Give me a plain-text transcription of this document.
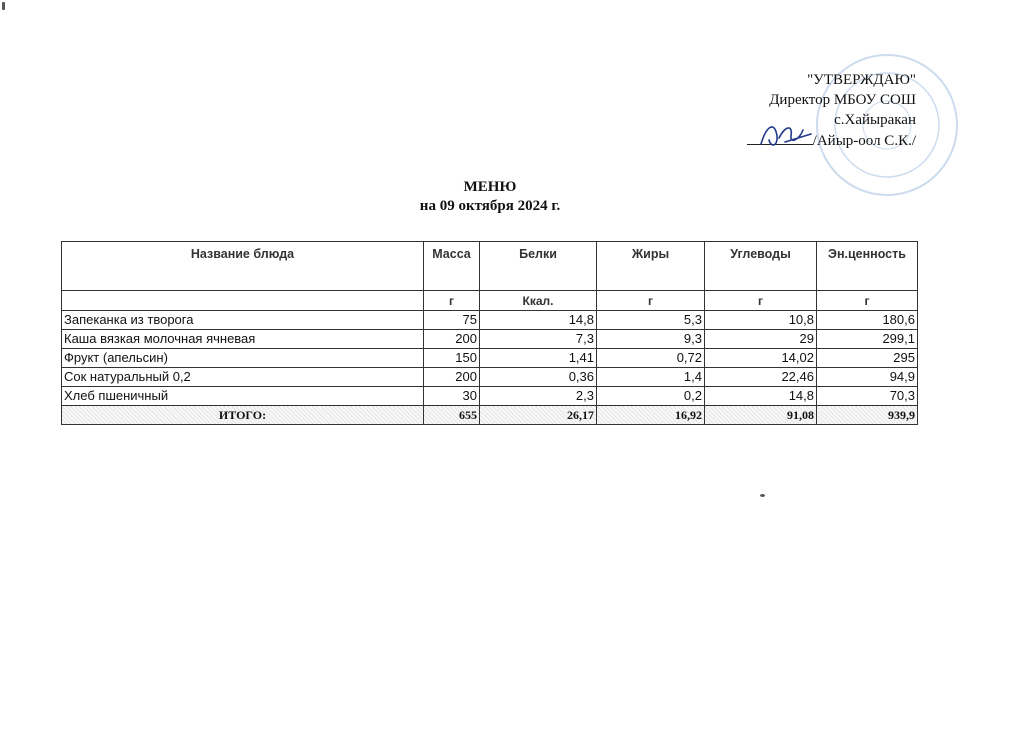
"УТВЕРЖДАЮ"
Директор МБОУ СОШ
с.Хайыракан
/Айыр-оол С.К./
МЕНЮ
на 09 октября 2024 г.
Название блюда	Масса	Белки	Жиры	Углеводы	Эн.ценность
	г	Ккал.	г	г	г
Запеканка из творога	75	14,8	5,3	10,8	180,6
Каша вязкая молочная ячневая	200	7,3	9,3	29	299,1
Фрукт (апельсин)	150	1,41	0,72	14,02	295
Сок натуральный 0,2	200	0,36	1,4	22,46	94,9
Хлеб пшеничный	30	2,3	0,2	14,8	70,3
ИТОГО:	655	26,17	16,92	91,08	939,9
